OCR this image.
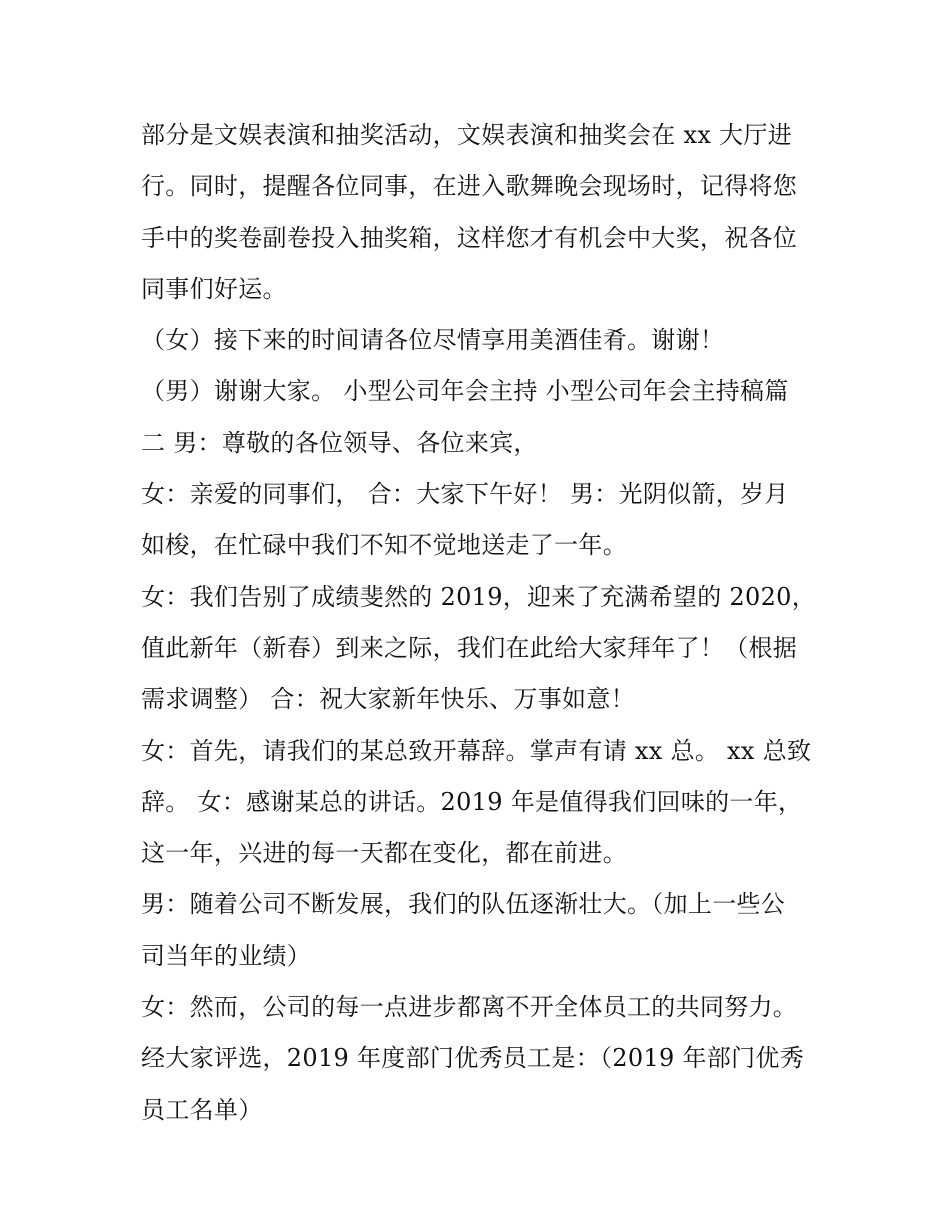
部分是文娱表演和抽奖活动，文娱表演和抽奖会在 xx 大厅进
行。同时，提醒各位同事，在进入歌舞晚会现场时，记得将您
手中的奖卷副卷投入抽奖箱，这样您才有机会中大奖，祝各位
同事们好运。
（女）接下来的时间请各位尽情享用美酒佳肴。谢谢！
（男）谢谢大家。 小型公司年会主持 小型公司年会主持稿篇
二 男：尊敬的各位领导、各位来宾，
女：亲爱的同事们， 合：大家下午好！ 男：光阴似箭，岁月
如梭，在忙碌中我们不知不觉地送走了一年。
女：我们告别了成绩斐然的 2019，迎来了充满希望的 2020，
值此新年（新春）到来之际，我们在此给大家拜年了！（根据
需求调整） 合：祝大家新年快乐、万事如意！
女：首先，请我们的某总致开幕辞。掌声有请 xx 总。 xx 总致
辞。 女：感谢某总的讲话。2019 年是值得我们回味的一年，
这一年，兴进的每一天都在变化，都在前进。
男：随着公司不断发展，我们的队伍逐渐壮大。（加上一些公
司当年的业绩）
女：然而，公司的每一点进步都离不开全体员工的共同努力。
经大家评选，2019 年度部门优秀员工是：（2019 年部门优秀
员工名单）
